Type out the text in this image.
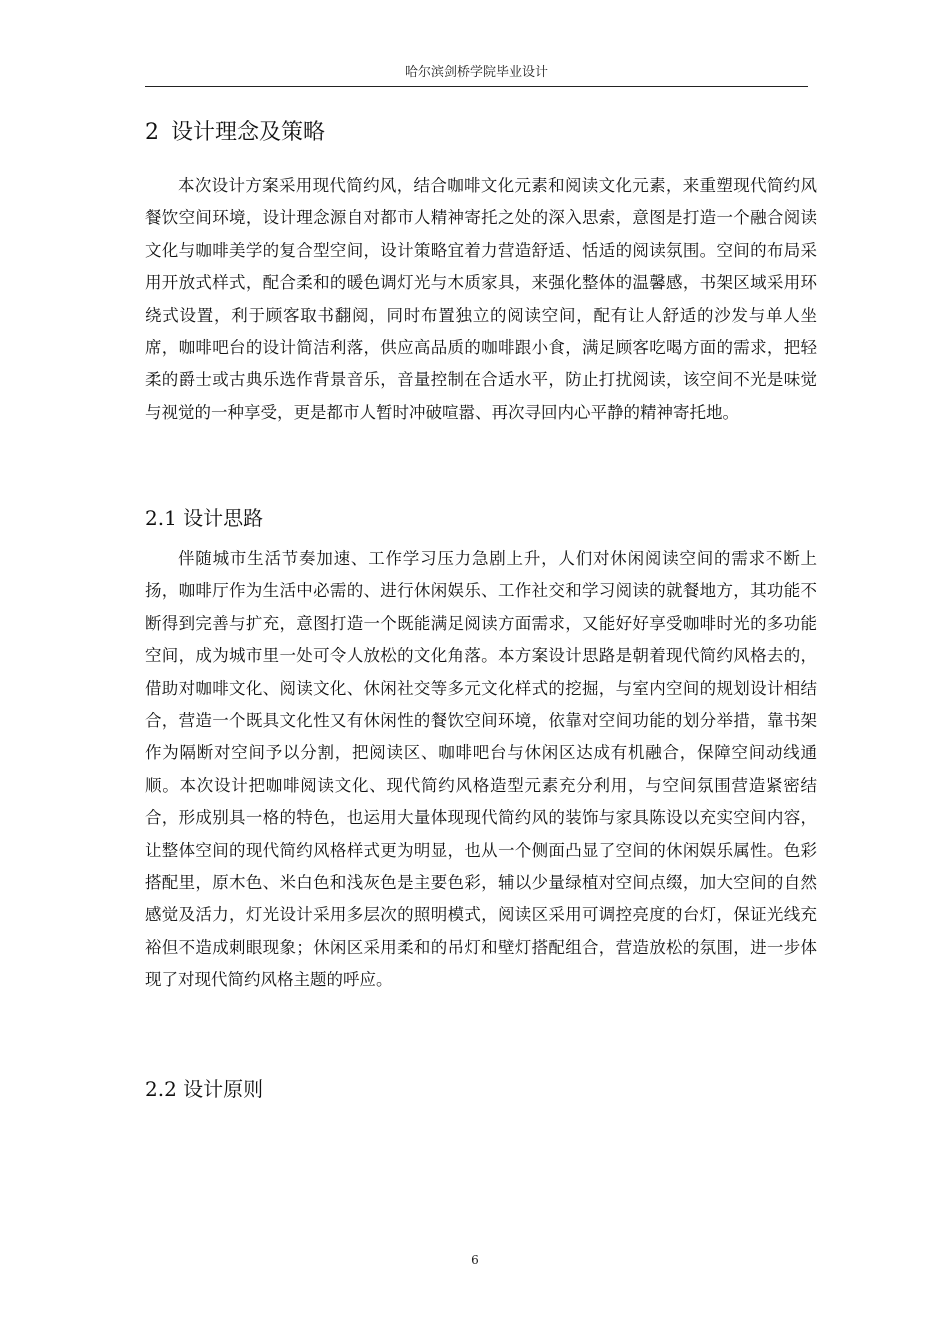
哈尔滨剑桥学院毕业设计
2 设计理念及策略

本次设计方案采用现代简约风，结合咖啡文化元素和阅读文化元素，来重塑现代简约风餐饮空间环境，设计理念源自对都市人精神寄托之处的深入思索，意图是打造一个融合阅读文化与咖啡美学的复合型空间，设计策略宜着力营造舒适、恬适的阅读氛围。空间的布局采用开放式样式，配合柔和的暖色调灯光与木质家具，来强化整体的温馨感，书架区域采用环绕式设置，利于顾客取书翻阅，同时布置独立的阅读空间，配有让人舒适的沙发与单人坐席，咖啡吧台的设计简洁利落，供应高品质的咖啡跟小食，满足顾客吃喝方面的需求，把轻柔的爵士或古典乐选作背景音乐，音量控制在合适水平，防止打扰阅读，该空间不光是味觉与视觉的一种享受，更是都市人暂时冲破喧嚣、再次寻回内心平静的精神寄托地。

2.1 设计思路

伴随城市生活节奏加速、工作学习压力急剧上升，人们对休闲阅读空间的需求不断上扬，咖啡厅作为生活中必需的、进行休闲娱乐、工作社交和学习阅读的就餐地方，其功能不断得到完善与扩充，意图打造一个既能满足阅读方面需求，又能好好享受咖啡时光的多功能空间，成为城市里一处可令人放松的文化角落。本方案设计思路是朝着现代简约风格去的，借助对咖啡文化、阅读文化、休闲社交等多元文化样式的挖掘，与室内空间的规划设计相结合，营造一个既具文化性又有休闲性的餐饮空间环境，依靠对空间功能的划分举措，靠书架作为隔断对空间予以分割，把阅读区、咖啡吧台与休闲区达成有机融合，保障空间动线通顺。本次设计把咖啡阅读文化、现代简约风格造型元素充分利用，与空间氛围营造紧密结合，形成别具一格的特色，也运用大量体现现代简约风的装饰与家具陈设以充实空间内容，让整体空间的现代简约风格样式更为明显，也从一个侧面凸显了空间的休闲娱乐属性。色彩搭配里，原木色、米白色和浅灰色是主要色彩，辅以少量绿植对空间点缀，加大空间的自然感觉及活力，灯光设计采用多层次的照明模式，阅读区采用可调控亮度的台灯，保证光线充裕但不造成刺眼现象；休闲区采用柔和的吊灯和壁灯搭配组合，营造放松的氛围，进一步体现了对现代简约风格主题的呼应。

2.2 设计原则
6
